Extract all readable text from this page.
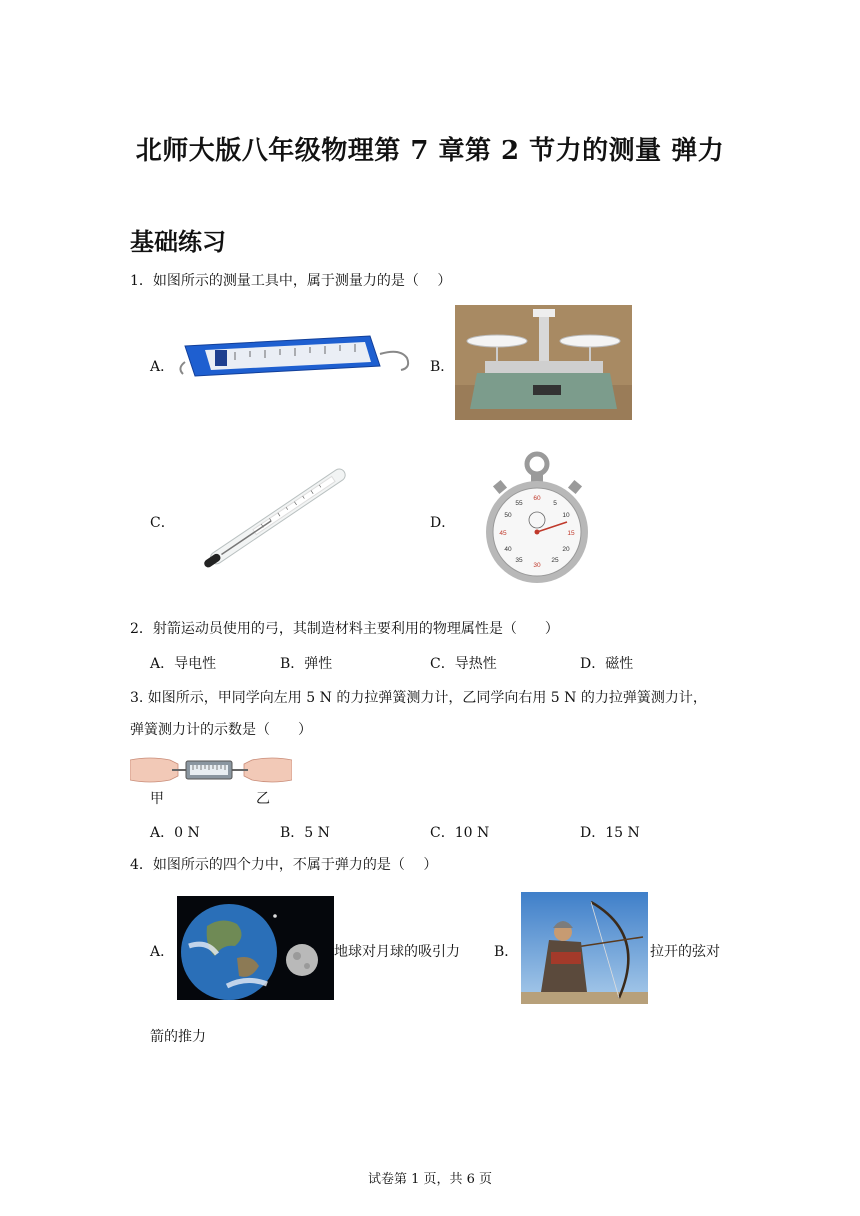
北师大版八年级物理第 7 章第 2 节力的测量 弹力
基础练习
1．如图所示的测量工具中，属于测量力的是（　 ）
A．	B．
C．	D．
60
5
10
15
20
25
30
35
40
45
50
55
2．射箭运动员使用的弓，其制造材料主要利用的物理属性是（　　）
A．导电性	B．弹性	C．导热性	D．磁性
3. 如图所示，甲同学向左用 5 N 的力拉弹簧测力计，乙同学向右用 5 N 的力拉弹簧测力计，
弹簧测力计的示数是（　　）
甲	乙
A．0 N	B．5 N	C．10 N	D．15 N
4．如图所示的四个力中，不属于弹力的是（　 ）
A．	地球对月球的吸引力 B．	拉开的弦对
箭的推力
试卷第 1 页，共 6 页
